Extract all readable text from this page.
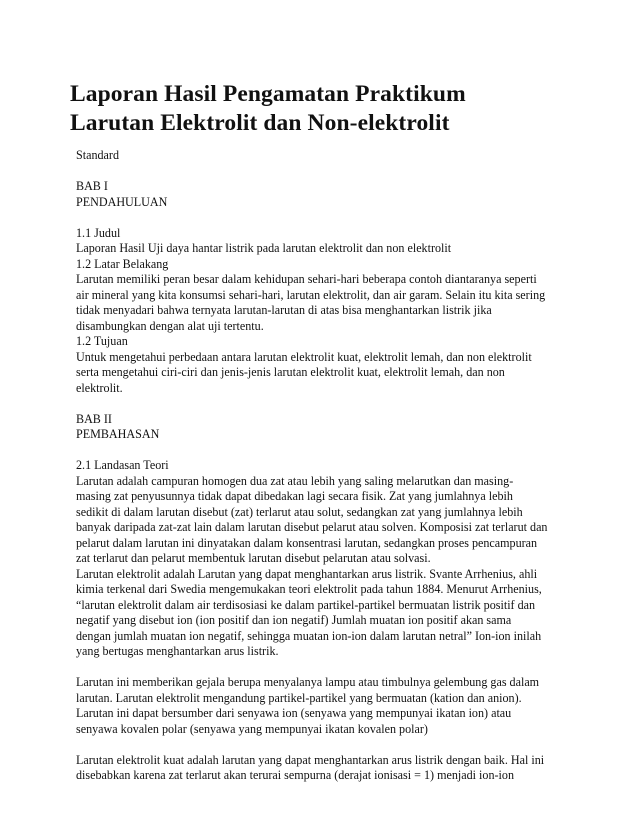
Laporan Hasil Pengamatan Praktikum
Larutan Elektrolit dan Non-elektrolit
Standard
BAB I
PENDAHULUAN
1.1 Judul
Laporan Hasil Uji daya hantar listrik pada larutan elektrolit dan non elektrolit
1.2 Latar Belakang
Larutan memiliki peran besar dalam kehidupan sehari-hari beberapa contoh diantaranya seperti
air mineral yang kita konsumsi sehari-hari, larutan elektrolit, dan air garam. Selain itu kita sering
tidak menyadari bahwa ternyata larutan-larutan di atas bisa menghantarkan listrik jika
disambungkan dengan alat uji tertentu.
1.2 Tujuan
Untuk mengetahui perbedaan antara larutan elektrolit kuat, elektrolit lemah, dan non elektrolit
serta mengetahui ciri-ciri dan jenis-jenis larutan elektrolit kuat, elektrolit lemah, dan non
elektrolit.
BAB II
PEMBAHASAN
2.1 Landasan Teori
Larutan adalah campuran homogen dua zat atau lebih yang saling melarutkan dan masing-
masing zat penyusunnya tidak dapat dibedakan lagi secara fisik. Zat yang jumlahnya lebih
sedikit di dalam larutan disebut (zat) terlarut atau solut, sedangkan zat yang jumlahnya lebih
banyak daripada zat-zat lain dalam larutan disebut pelarut atau solven. Komposisi zat terlarut dan
pelarut dalam larutan ini dinyatakan dalam konsentrasi larutan, sedangkan proses pencampuran
zat terlarut dan pelarut membentuk larutan disebut pelarutan atau solvasi.
Larutan elektrolit adalah Larutan yang dapat menghantarkan arus listrik. Svante Arrhenius, ahli
kimia terkenal dari Swedia mengemukakan teori elektrolit pada tahun 1884. Menurut Arrhenius,
“larutan elektrolit dalam air terdisosiasi ke dalam partikel-partikel bermuatan listrik positif dan
negatif yang disebut ion (ion positif dan ion negatif) Jumlah muatan ion positif akan sama
dengan jumlah muatan ion negatif, sehingga muatan ion-ion dalam larutan netral” Ion-ion inilah
yang bertugas menghantarkan arus listrik.
Larutan ini memberikan gejala berupa menyalanya lampu atau timbulnya gelembung gas dalam
larutan. Larutan elektrolit mengandung partikel-partikel yang bermuatan (kation dan anion).
Larutan ini dapat bersumber dari senyawa ion (senyawa yang mempunyai ikatan ion) atau
senyawa kovalen polar (senyawa yang mempunyai ikatan kovalen polar)
Larutan elektrolit kuat adalah larutan yang dapat menghantarkan arus listrik dengan baik. Hal ini
disebabkan karena zat terlarut akan terurai sempurna (derajat ionisasi = 1) menjadi ion-ion
